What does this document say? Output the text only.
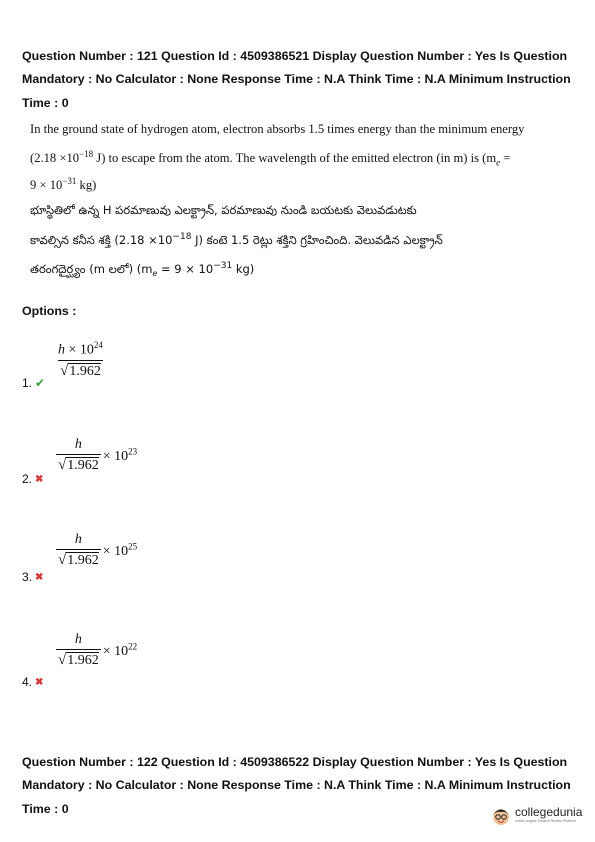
Question Number : 121 Question Id : 4509386521 Display Question Number : Yes Is Question Mandatory : No Calculator : None Response Time : N.A Think Time : N.A Minimum Instruction Time : 0
In the ground state of hydrogen atom, electron absorbs 1.5 times energy than the minimum energy
($2.18 \times 10^{-18}$ J) to escape from the atom. The wavelength of the emitted electron (in m) is ($m_e$ =
$9 \times 10^{-31}$ kg)
భూస్థితిలో ఉన్న H పరమాణువు ఎలక్ట్రాన్, పరమాణువు నుండి బయటకు వెలువడుటకు
కావల్సిన కనీస శక్తి ($2.18 \times 10^{-18}$ J) కంటె 1.5 రెట్లు శక్తిని గ్రహించింది. వెలువడిన ఎలక్ట్రాన్
తరంగదైర్ఘ్యం (m లలో) ($m_e = 9 \times 10^{-31}$ kg)
Options :
$\frac{h \times 10^{24}}{√ 1.962}$
1. ✔
$\frac{h}{√ 1.962} \times 10^{23}$
2. ✖
$\frac{h}{√ 1.962} \times 10^{25}$
3. ✖
$\frac{h}{√ 1.962} \times 10^{22}$
4. ✖
Question Number : 122 Question Id : 4509386522 Display Question Number : Yes Is Question Mandatory : No Calculator : None Response Time : N.A Think Time : N.A Minimum Instruction Time : 0	collegedunia
India's largest Student Review Platform
